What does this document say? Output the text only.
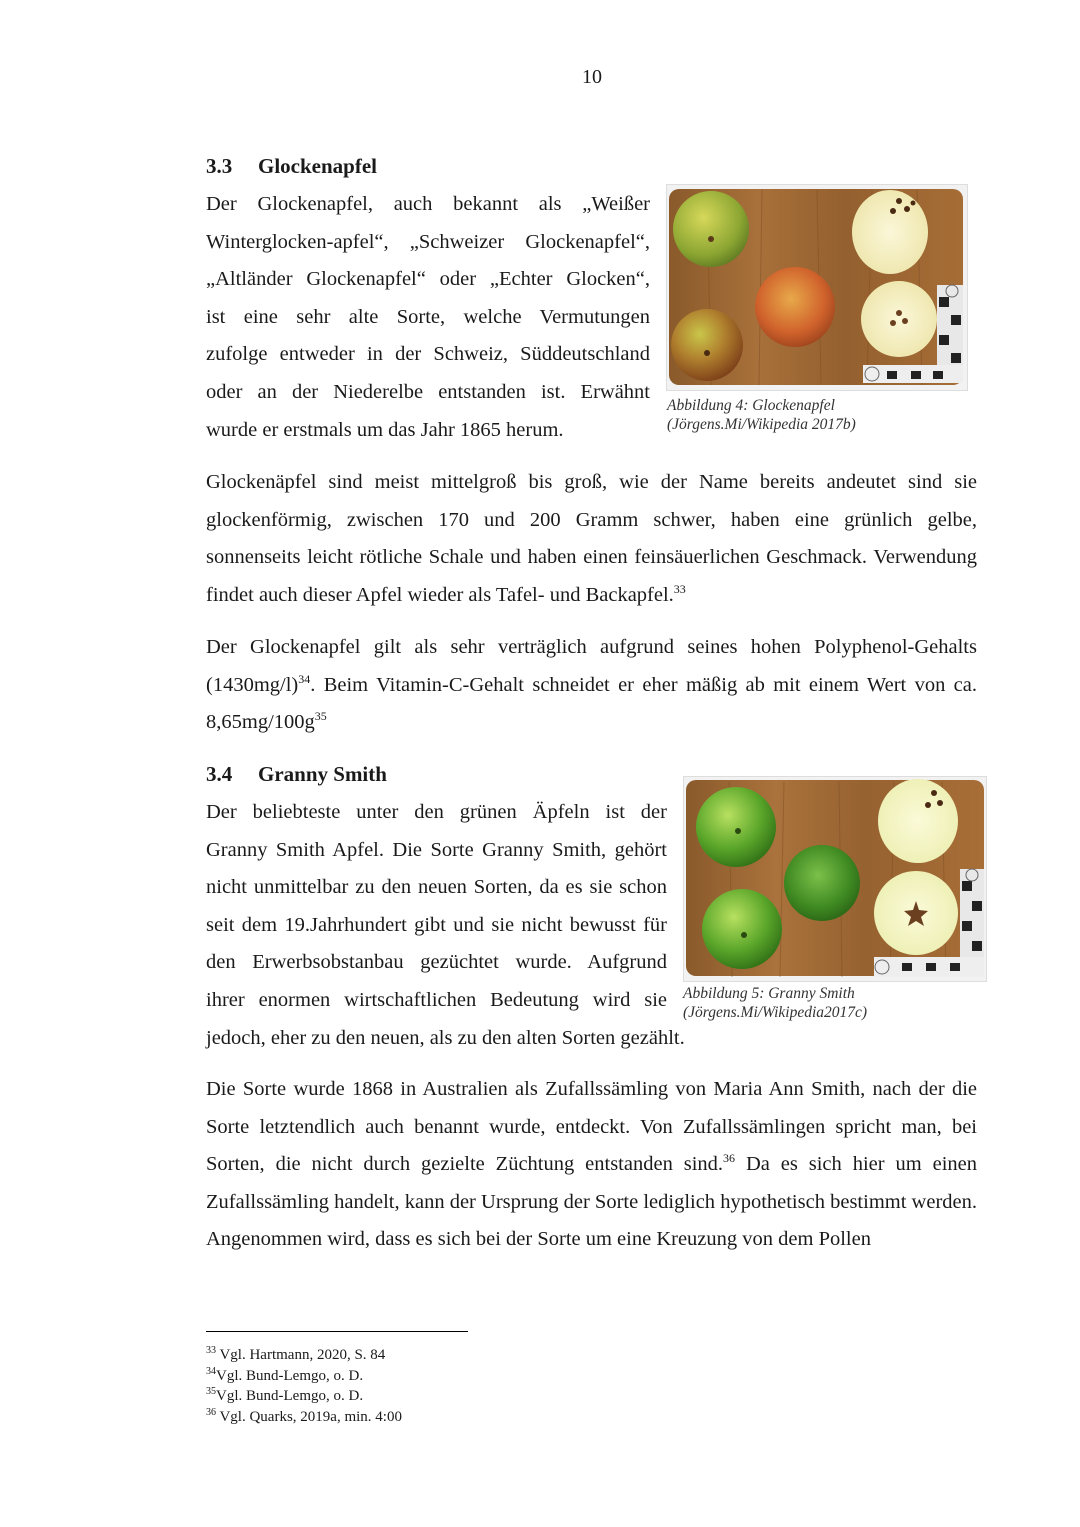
10
3.3 Glockenapfel
Der Glockenapfel, auch bekannt als „Weißer
Winterglocken-apfel“, „Schweizer Glockenapfel“,
„Altländer Glockenapfel“ oder „Echter Glocken“,
ist eine sehr alte Sorte, welche Vermutungen
zufolge entweder in der Schweiz, Süddeutschland
oder an der Niederelbe entstanden ist. Erwähnt
wurde er erstmals um das Jahr 1865 herum.
Abbildung 4: Glockenapfel
(Jörgens.Mi/Wikipedia 2017b)
Glockenäpfel sind meist mittelgroß bis groß, wie der Name bereits andeutet sind sie glockenförmig, zwischen 170 und 200 Gramm schwer, haben eine grünlich gelbe, sonnenseits leicht rötliche Schale und haben einen feinsäuerlichen Geschmack. Verwendung findet auch dieser Apfel wieder als Tafel- und Backapfel.$^{33}$
Der Glockenapfel gilt als sehr verträglich aufgrund seines hohen Polyphenol-Gehalts $(1430mg/l)^{34}$. Beim Vitamin-C-Gehalt schneidet er eher mäßig ab mit einem Wert von ca. $8,65mg/100g^{35}$
3.4 Granny Smith
Der beliebteste unter den grünen Äpfeln ist der
Granny Smith Apfel. Die Sorte Granny Smith, gehört
nicht unmittelbar zu den neuen Sorten, da es sie schon
seit dem 19.Jahrhundert gibt und sie nicht bewusst für
den Erwerbsobstanbau gezüchtet wurde. Aufgrund
ihrer enormen wirtschaftlichen Bedeutung wird sie
jedoch, eher zu den neuen, als zu den alten Sorten gezählt.
Abbildung 5: Granny Smith
(Jörgens.Mi/Wikipedia2017c)
Die Sorte wurde 1868 in Australien als Zufallssämling von Maria Ann Smith, nach der die Sorte letztendlich auch benannt wurde, entdeckt. Von Zufallssämlingen spricht man, bei Sorten, die nicht durch gezielte Züchtung entstanden sind.$^{36}$ Da es sich hier um einen Zufallssämling handelt, kann der Ursprung der Sorte lediglich hypothetisch bestimmt werden. Angenommen wird, dass es sich bei der Sorte um eine Kreuzung von dem Pollen
$^{33}$ Vgl. Hartmann, 2020, S. 84
$^{34}$Vgl. Bund-Lemgo, o. D.
$^{35}$Vgl. Bund-Lemgo, o. D.
$^{36}$ Vgl. Quarks, 2019a, min. 4:00
